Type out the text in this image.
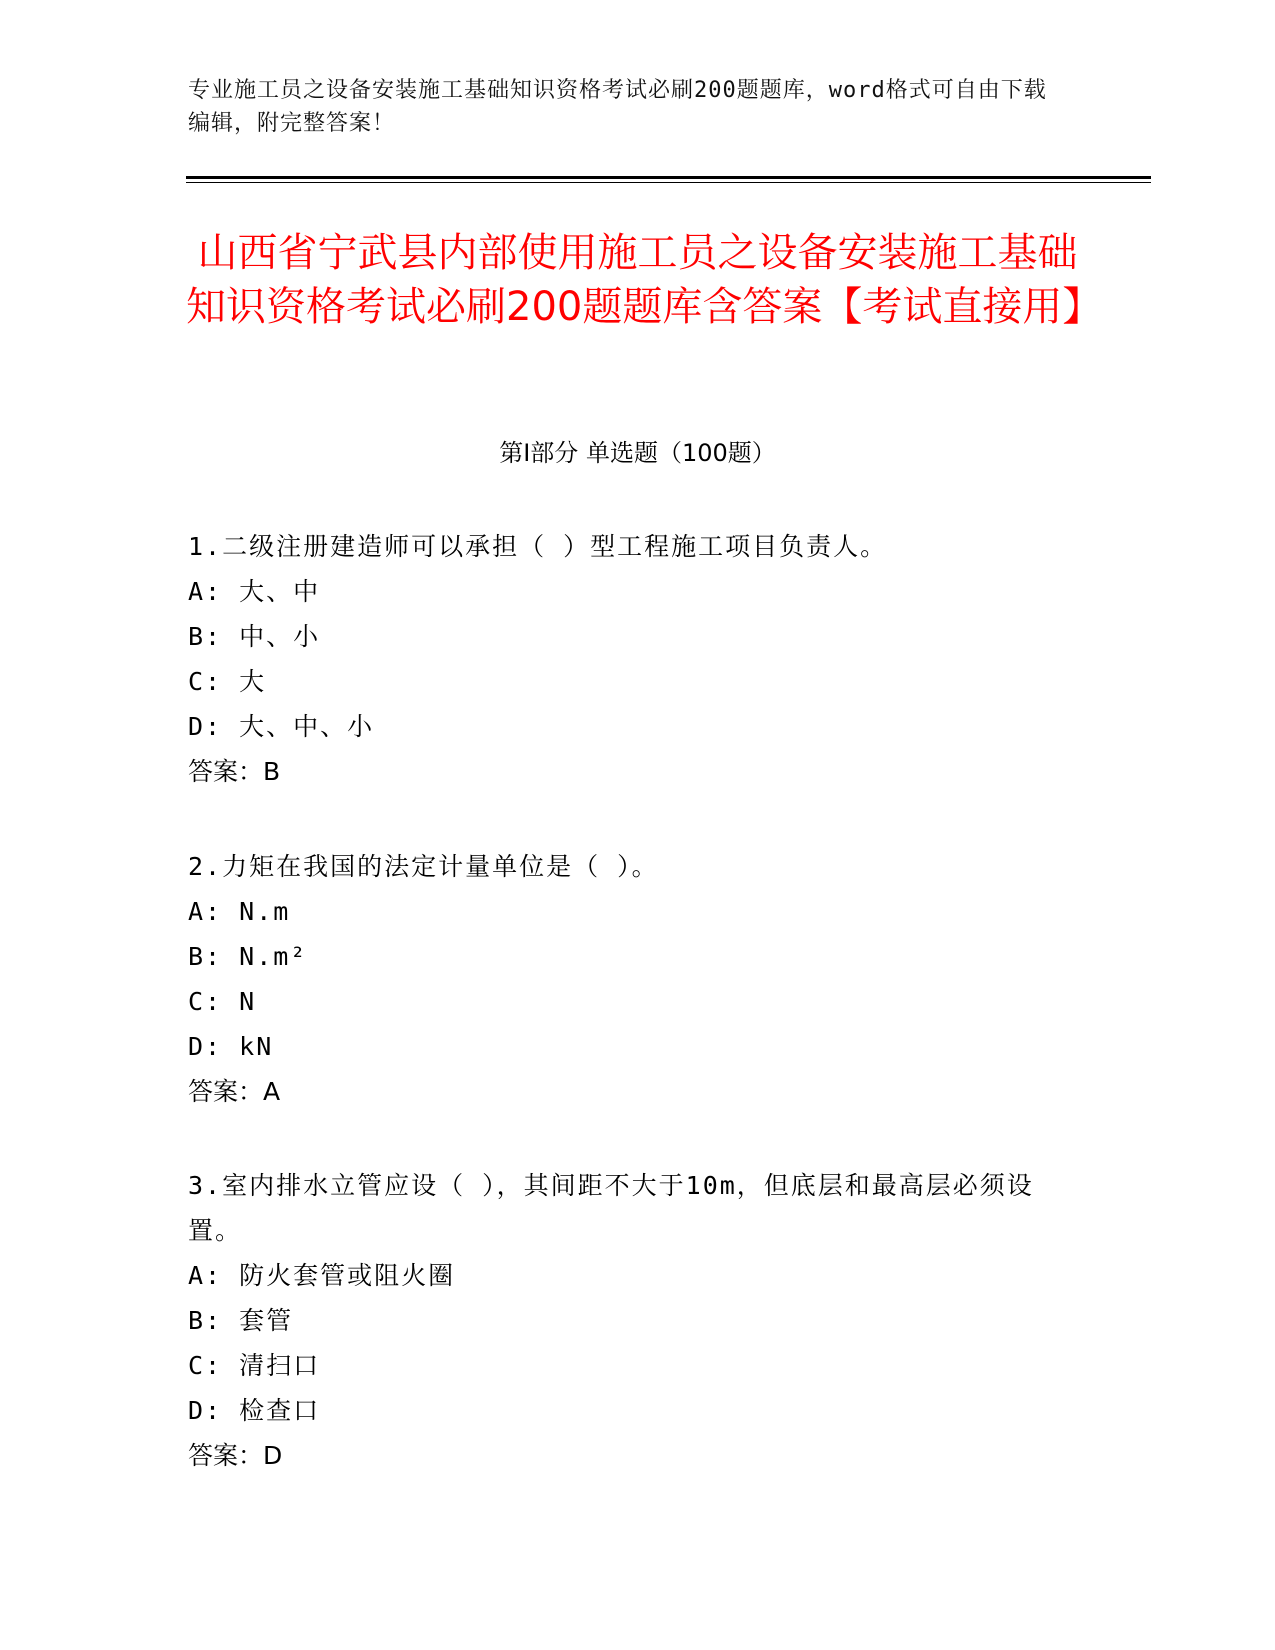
专业施工员之设备安装施工基础知识资格考试必刷200题题库，word格式可自由下载编辑，附完整答案！
山西省宁武县内部使用施工员之设备安装施工基础知识资格考试必刷200题题库含答案【考试直接用】
第I部分 单选题（100题）
1.二级注册建造师可以承担（ ）型工程施工项目负责人。
A: 大、中
B: 中、小
C: 大
D: 大、中、小
答案：B
2.力矩在我国的法定计量单位是（ ）。
A: N.m
B: N.m²
C: N
D: kN
答案：A
3.室内排水立管应设（ ），其间距不大于10m，但底层和最高层必须设置。
A: 防火套管或阻火圈
B: 套管
C: 清扫口
D: 检查口
答案：D
